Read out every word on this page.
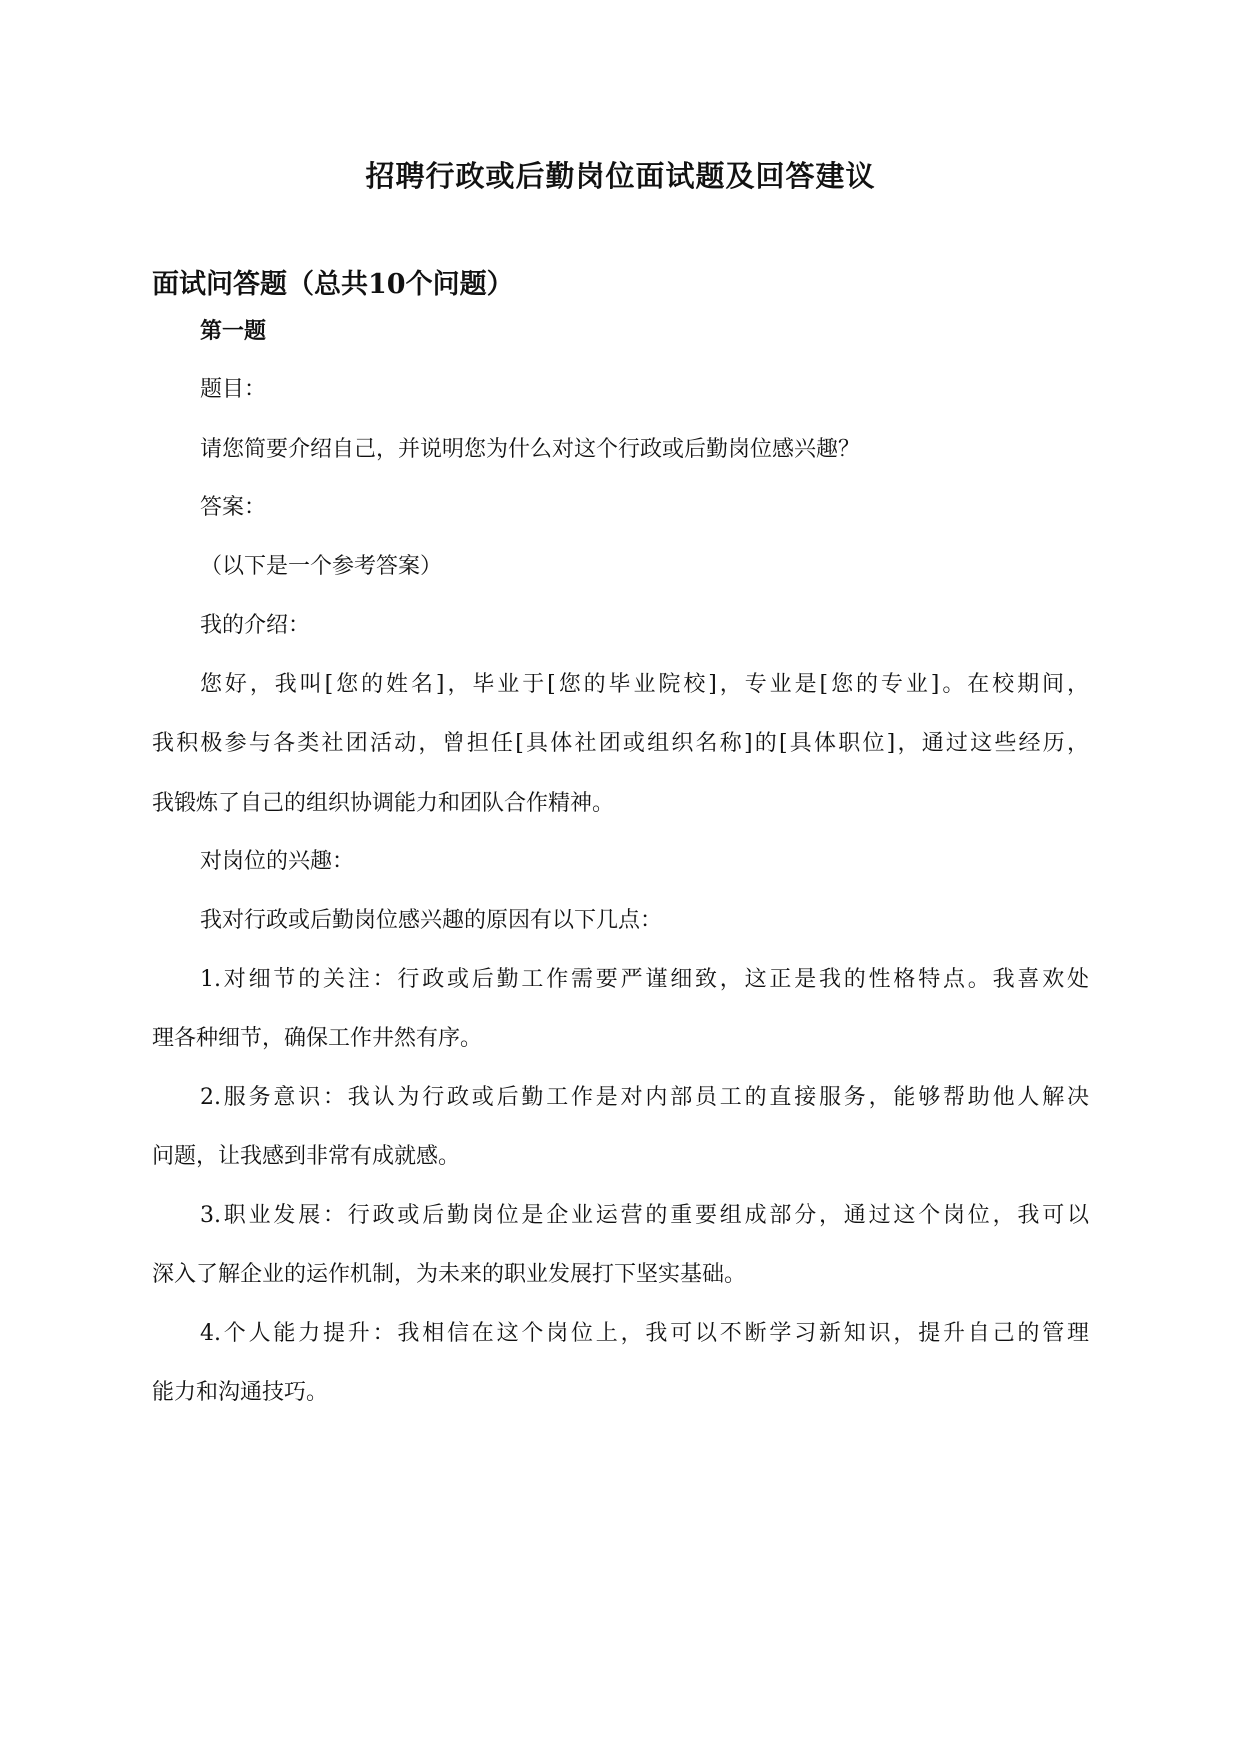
招聘行政或后勤岗位面试题及回答建议
面试问答题（总共10个问题）

第一题

题目：

请您简要介绍自己，并说明您为什么对这个行政或后勤岗位感兴趣？

答案：

（以下是一个参考答案）

我的介绍：

您好，我叫[您的姓名]，毕业于[您的毕业院校]，专业是[您的专业]。在校期间，

我积极参与各类社团活动，曾担任[具体社团或组织名称]的[具体职位]，通过这些经历，

我锻炼了自己的组织协调能力和团队合作精神。

对岗位的兴趣：

我对行政或后勤岗位感兴趣的原因有以下几点：

1.对细节的关注：行政或后勤工作需要严谨细致，这正是我的性格特点。我喜欢处

理各种细节，确保工作井然有序。

2.服务意识：我认为行政或后勤工作是对内部员工的直接服务，能够帮助他人解决

问题，让我感到非常有成就感。

3.职业发展：行政或后勤岗位是企业运营的重要组成部分，通过这个岗位，我可以

深入了解企业的运作机制，为未来的职业发展打下坚实基础。

4.个人能力提升：我相信在这个岗位上，我可以不断学习新知识，提升自己的管理

能力和沟通技巧。
